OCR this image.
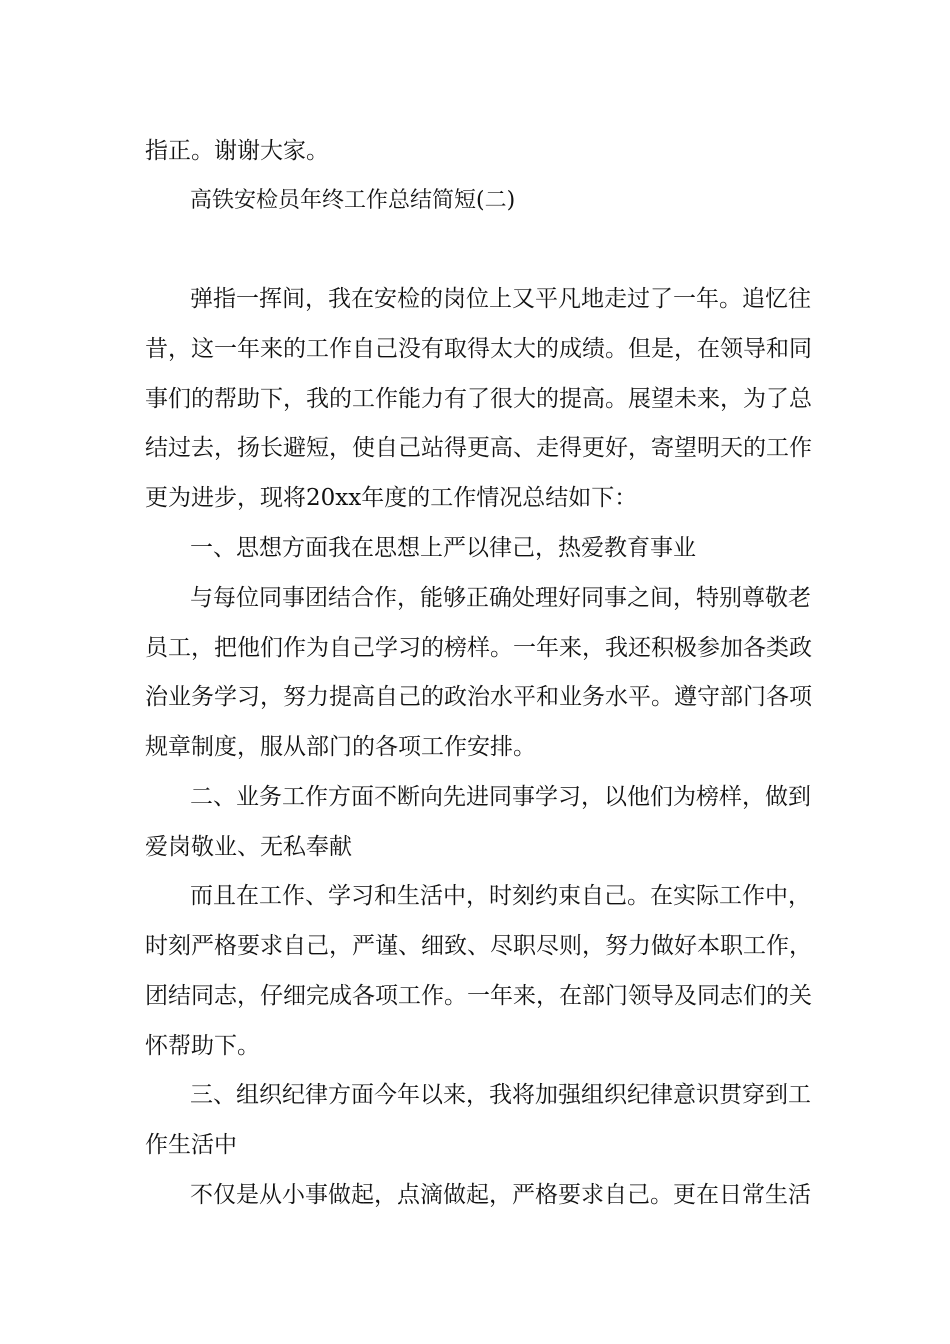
指正。谢谢大家。
高铁安检员年终工作总结简短(二)
弹指一挥间，我在安检的岗位上又平凡地走过了一年。追忆往
昔，这一年来的工作自己没有取得太大的成绩。但是，在领导和同
事们的帮助下，我的工作能力有了很大的提高。展望未来，为了总
结过去，扬长避短，使自己站得更高、走得更好，寄望明天的工作
更为进步，现将20xx年度的工作情况总结如下：
一、思想方面我在思想上严以律己，热爱教育事业
与每位同事团结合作，能够正确处理好同事之间，特别尊敬老
员工，把他们作为自己学习的榜样。一年来，我还积极参加各类政
治业务学习，努力提高自己的政治水平和业务水平。遵守部门各项
规章制度，服从部门的各项工作安排。
二、业务工作方面不断向先进同事学习，以他们为榜样，做到
爱岗敬业、无私奉献
而且在工作、学习和生活中，时刻约束自己。在实际工作中，
时刻严格要求自己，严谨、细致、尽职尽则，努力做好本职工作，
团结同志，仔细完成各项工作。一年来，在部门领导及同志们的关
怀帮助下。
三、组织纪律方面今年以来，我将加强组织纪律意识贯穿到工
作生活中
不仅是从小事做起，点滴做起，严格要求自己。更在日常生活
